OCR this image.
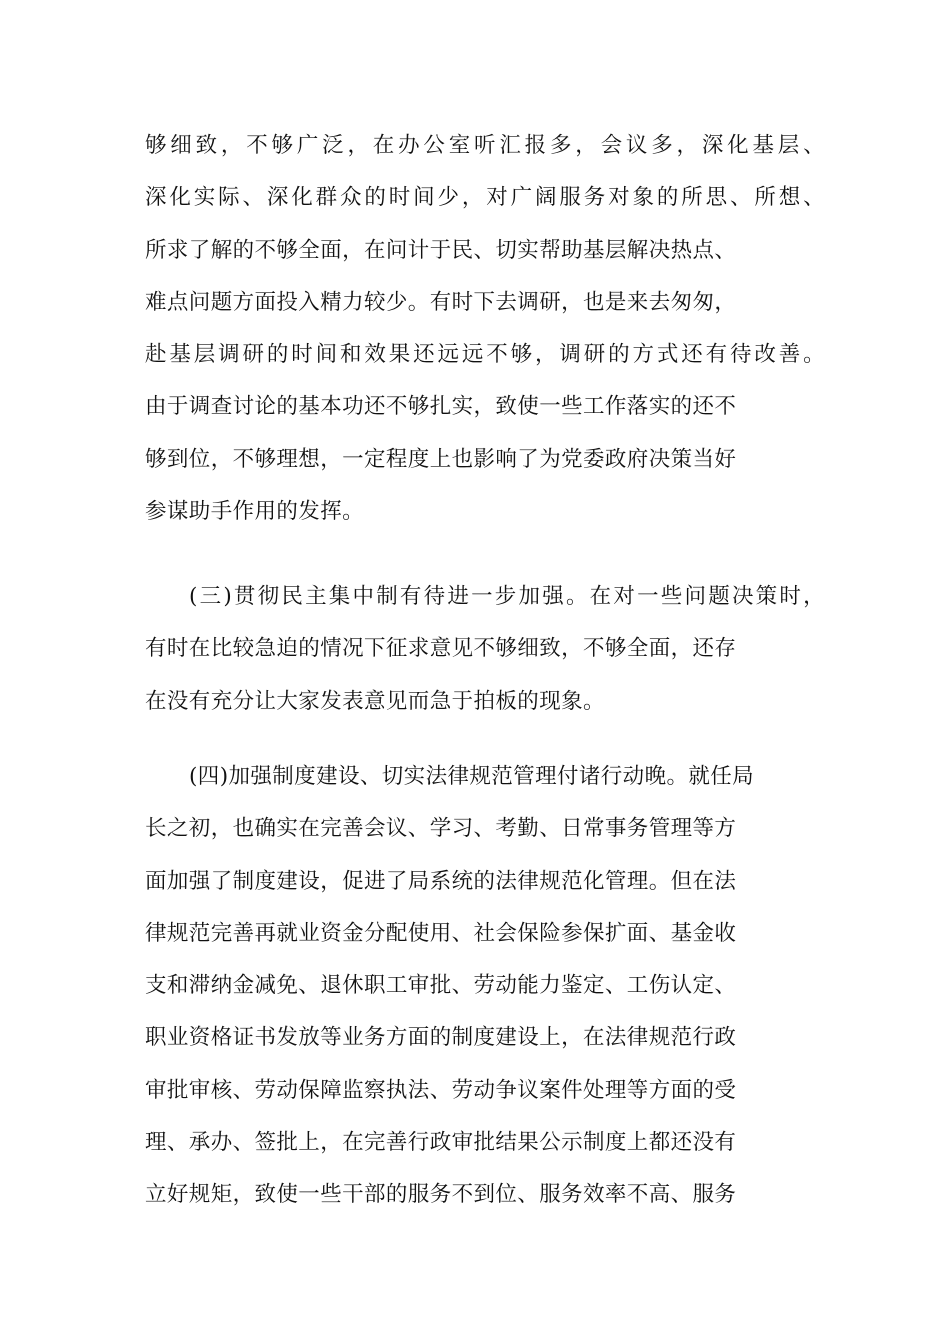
够细致，不够广泛，在办公室听汇报多，会议多，深化基层、
深化实际、深化群众的时间少，对广阔服务对象的所思、所想、
所求了解的不够全面，在问计于民、切实帮助基层解决热点、
难点问题方面投入精力较少。有时下去调研，也是来去匆匆，
赴基层调研的时间和效果还远远不够，调研的方式还有待改善。
由于调查讨论的基本功还不够扎实，致使一些工作落实的还不
够到位，不够理想，一定程度上也影响了为党委政府决策当好
参谋助手作用的发挥。
(三)贯彻民主集中制有待进一步加强。在对一些问题决策时，
有时在比较急迫的情况下征求意见不够细致，不够全面，还存
在没有充分让大家发表意见而急于拍板的现象。
(四)加强制度建设、切实法律规范管理付诸行动晚。就任局
长之初，也确实在完善会议、学习、考勤、日常事务管理等方
面加强了制度建设，促进了局系统的法律规范化管理。但在法
律规范完善再就业资金分配使用、社会保险参保扩面、基金收
支和滞纳金减免、退休职工审批、劳动能力鉴定、工伤认定、
职业资格证书发放等业务方面的制度建设上，在法律规范行政
审批审核、劳动保障监察执法、劳动争议案件处理等方面的受
理、承办、签批上，在完善行政审批结果公示制度上都还没有
立好规矩，致使一些干部的服务不到位、服务效率不高、服务
